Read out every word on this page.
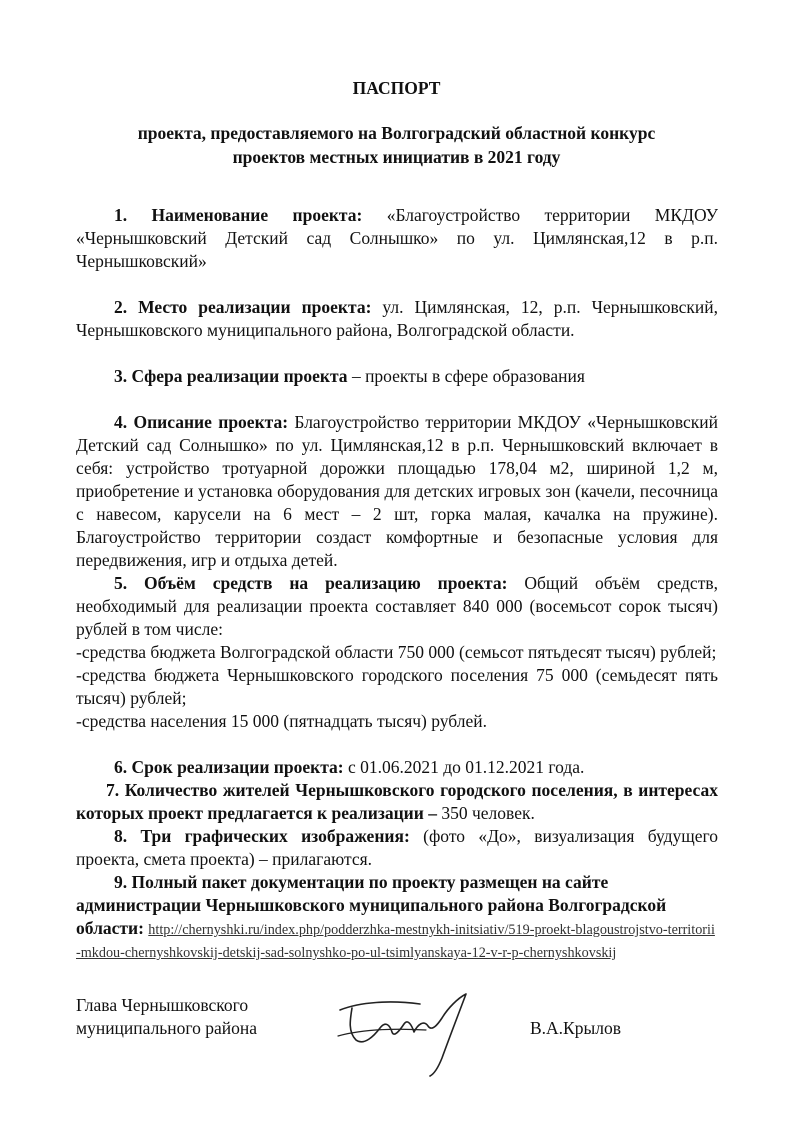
ПАСПОРТ
проекта, предоставляемого на Волгоградский областной конкурс
проектов местных инициатив в 2021 году

1. Наименование проекта: «Благоустройство территории МКДОУ «Чернышковский Детский сад Солнышко» по ул. Цимлянская,12 в р.п. Чернышковский»

2. Место реализации проекта: ул. Цимлянская, 12, р.п. Чернышковский, Чернышковского муниципального района, Волгоградской области.

3. Сфера реализации проекта – проекты в сфере образования

4. Описание проекта: Благоустройство территории МКДОУ «Чернышковский Детский сад Солнышко» по ул. Цимлянская,12 в р.п. Чернышковский включает в себя: устройство тротуарной дорожки площадью 178,04 м2, шириной 1,2 м, приобретение и установка оборудования для детских игровых зон (качели, песочница с навесом, карусели на 6 мест – 2 шт, горка малая, качалка на пружине). Благоустройство территории создаст комфортные и безопасные условия для передвижения, игр и отдыха детей.

5. Объём средств на реализацию проекта: Общий объём средств, необходимый для реализации проекта составляет 840 000 (восемьсот сорок тысяч) рублей в том числе:

-средства бюджета Волгоградской области 750 000 (семьсот пятьдесят тысяч) рублей;

-средства бюджета Чернышковского городского поселения 75 000 (семьдесят пять тысяч) рублей;

-средства населения 15 000 (пятнадцать тысяч) рублей.

6. Срок реализации проекта: с 01.06.2021 до 01.12.2021 года.

7. Количество жителей Чернышковского городского поселения, в интересах которых проект предлагается к реализации – 350 человек.

8. Три графических изображения: (фото «До», визуализация будущего проекта, смета проекта) – прилагаются.

9. Полный пакет документации по проекту размещен на сайте администрации Чернышковского муниципального района Волгоградской области: http://chernyshki.ru/index.php/podderzhka-mestnykh-initsiativ/519-proekt-blagoustrojstvo-territorii-mkdou-chernyshkovskij-detskij-sad-solnyshko-po-ul-tsimlyanskaya-12-v-r-p-chernyshkovskij

Глава Чернышковского
муниципального района	В.А.Крылов
